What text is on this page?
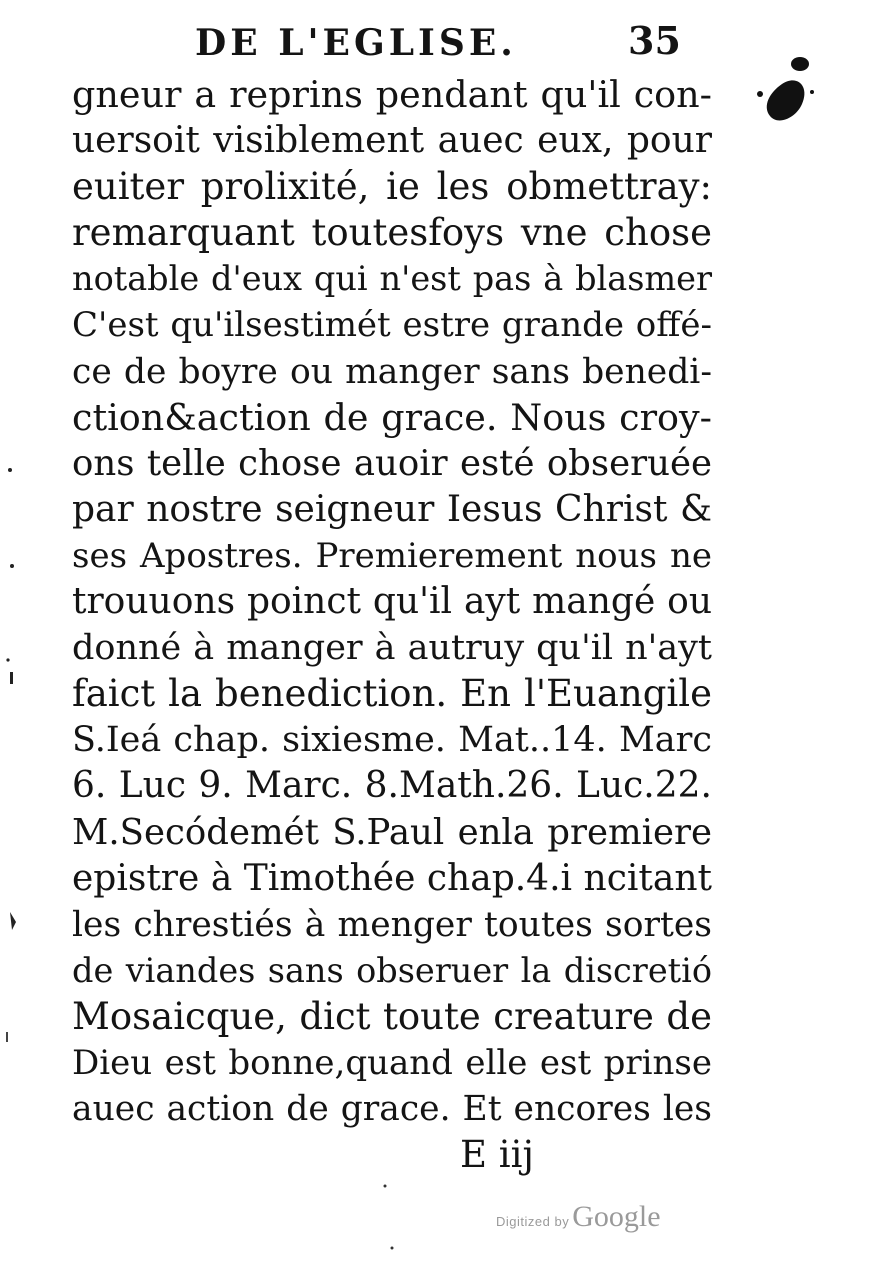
DE L'EGLISE.	35
gneur a reprins pendant qu'il con-
uersoit visiblement auec eux, pour
euiter prolixité, ie les obmettray:
remarquant toutesfoys vne chose
notable d'eux qui n'est pas à blasmer
C'est qu'ilsestimét estre grande offé-
ce de boyre ou manger sans benedi-
ction&action de grace. Nous croy-
ons telle chose auoir esté obseruée
par nostre seigneur Iesus Christ &
ses Apostres. Premierement nous ne
trouuons poinct qu'il ayt mangé ou
donné à manger à autruy qu'il n'ayt
faict la benediction. En l'Euangile
S.Ieá chap. sixiesme. Mat..14. Marc
6. Luc 9. Marc. 8.Math.26. Luc.22.
M.Secódemét S.Paul enla premiere
epistre à Timothée chap.4.i ncitant
les chrestiés à menger toutes sortes
de viandes sans obseruer la discretió
Mosaicque, dict toute creature de
Dieu est bonne,quand elle est prinse
auec action de grace. Et encores les
E iij
Digitized by Google
